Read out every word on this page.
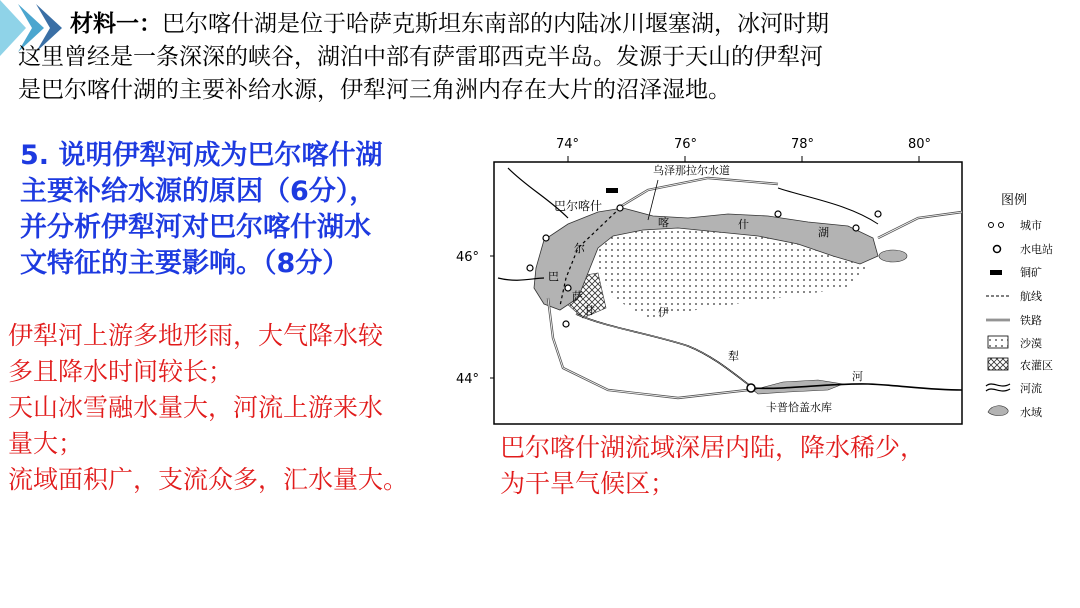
材料一：巴尔喀什湖是位于哈萨克斯坦东南部的内陆冰川堰塞湖，冰河时期
这里曾经是一条深深的峡谷，湖泊中部有萨雷耶西克半岛。发源于天山的伊犁河
是巴尔喀什湖的主要补给水源，伊犁河三角洲内存在大片的沼泽湿地。

5. 说明伊犁河成为巴尔喀什湖
主要补给水源的原因（6分），
并分析伊犁河对巴尔喀什湖水
文特征的主要影响。（8分）

伊犁河上游多地形雨，大气降水较
多且降水时间较长；
天山冰雪融水量大，河流上游来水
量大；
流域面积广，支流众多，汇水量大。

巴尔喀什湖流域深居内陆，降水稀少，
为干旱气候区；

74°	76°	78°	80°
46°
44°
乌泽那拉尔水道
巴尔喀什
卡普恰盖水库
巴
尔
喀	什
湖
萨
甘	伊
犁
河
图例
城市
水电站
铜矿
航线
铁路
沙漠
农灌区
河流
水域
